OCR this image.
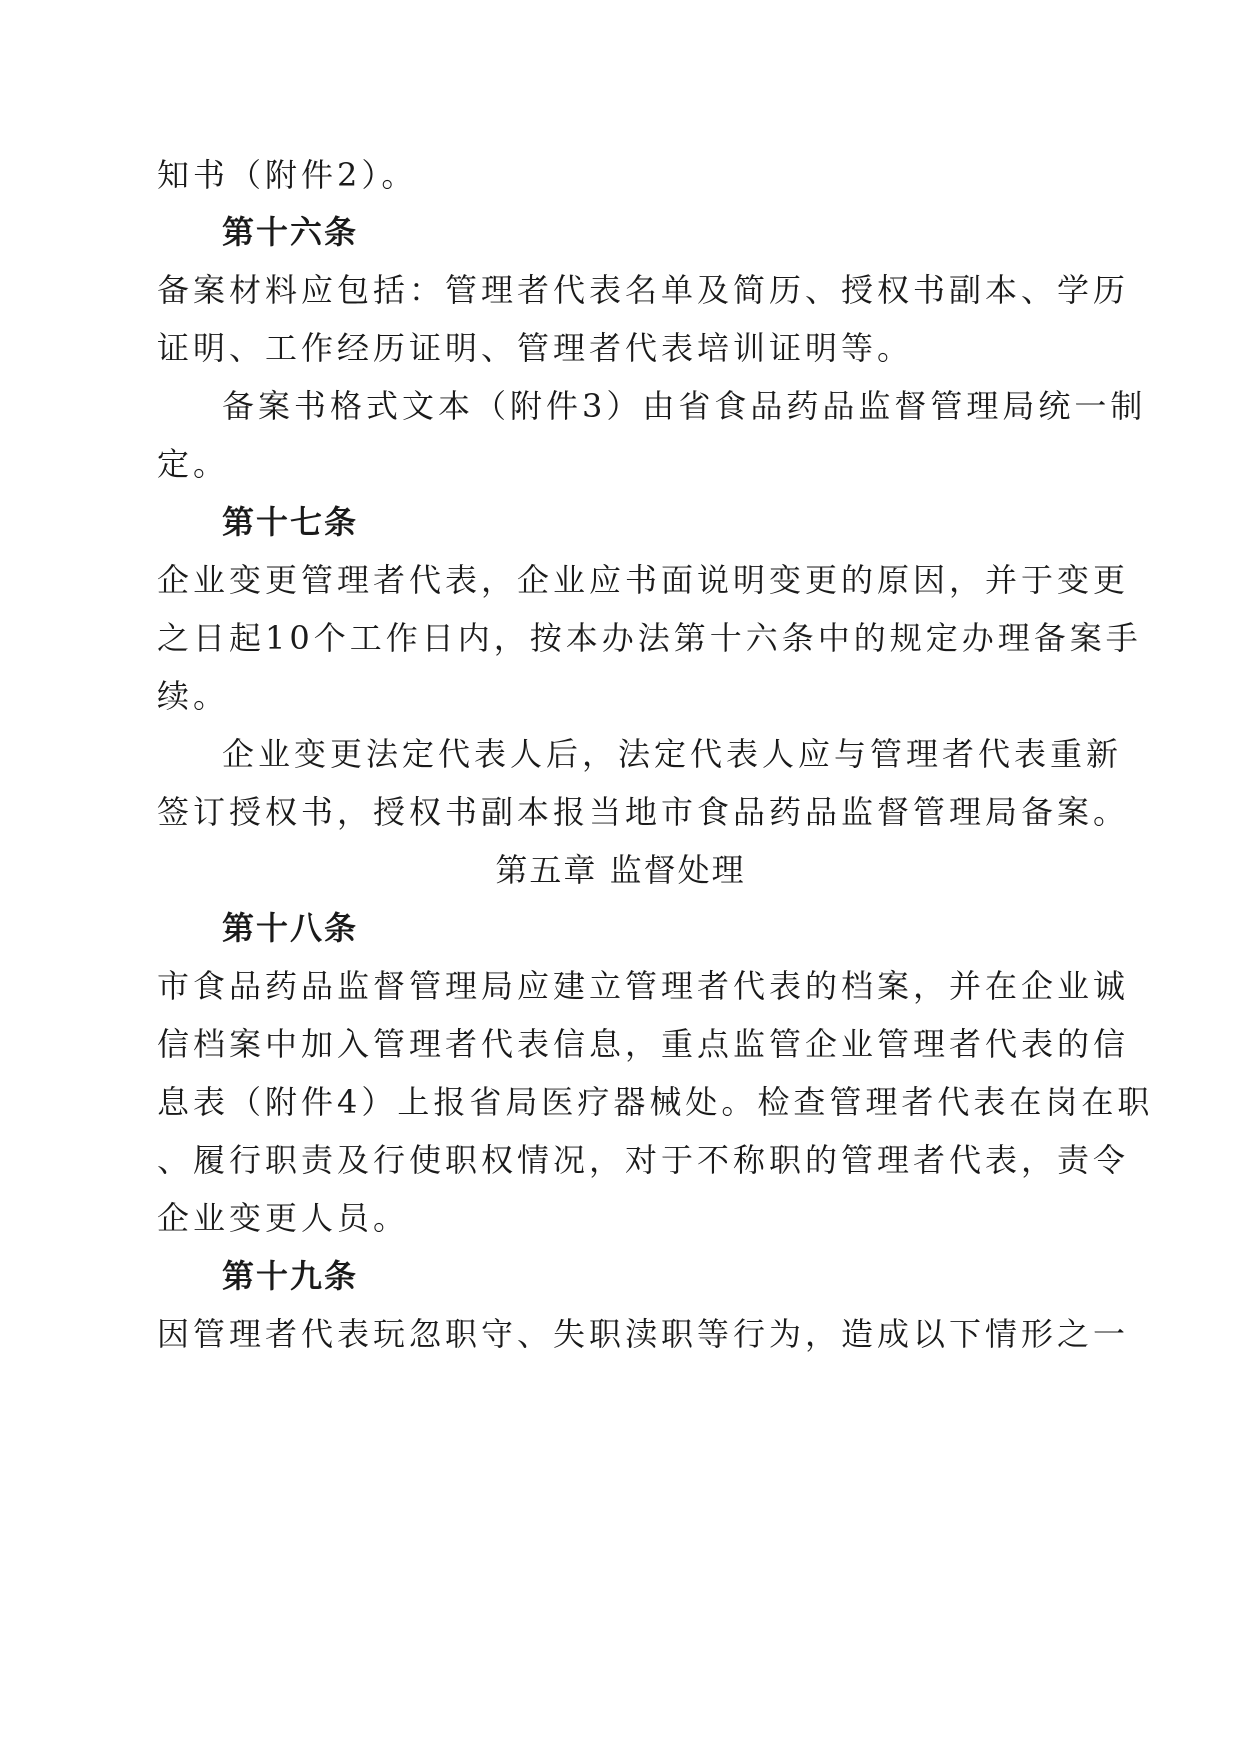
知书（附件2）。
第十六条
备案材料应包括：管理者代表名单及简历、授权书副本、学历
证明、工作经历证明、管理者代表培训证明等。
备案书格式文本（附件3）由省食品药品监督管理局统一制
定。
第十七条
企业变更管理者代表，企业应书面说明变更的原因，并于变更
之日起10个工作日内，按本办法第十六条中的规定办理备案手
续。
企业变更法定代表人后，法定代表人应与管理者代表重新
签订授权书，授权书副本报当地市食品药品监督管理局备案。
第五章 监督处理
第十八条
市食品药品监督管理局应建立管理者代表的档案，并在企业诚
信档案中加入管理者代表信息，重点监管企业管理者代表的信
息表（附件4）上报省局医疗器械处。检查管理者代表在岗在职
、履行职责及行使职权情况，对于不称职的管理者代表，责令
企业变更人员。
第十九条
因管理者代表玩忽职守、失职渎职等行为，造成以下情形之一
